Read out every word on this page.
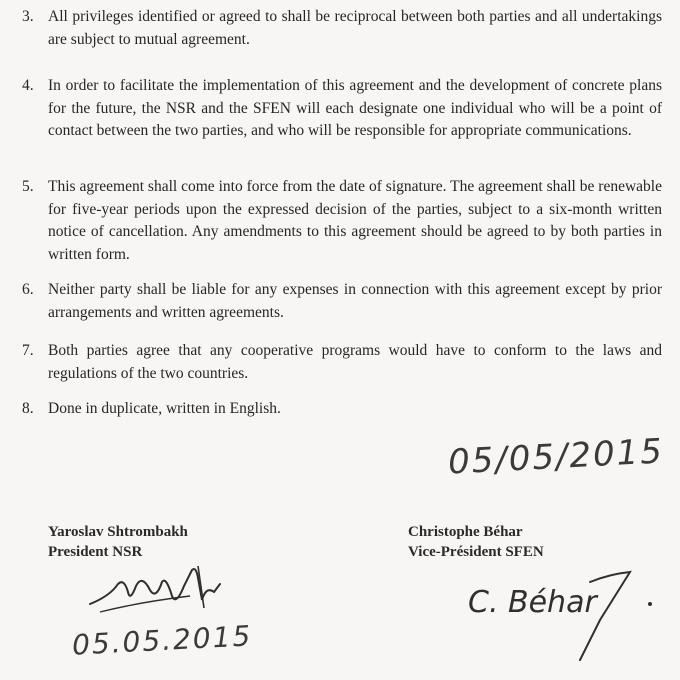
3. All privileges identified or agreed to shall be reciprocal between both parties and all undertakings are subject to mutual agreement.
4. In order to facilitate the implementation of this agreement and the development of concrete plans for the future, the NSR and the SFEN will each designate one individual who will be a point of contact between the two parties, and who will be responsible for appropriate communications.
5. This agreement shall come into force from the date of signature. The agreement shall be renewable for five-year periods upon the expressed decision of the parties, subject to a six-month written notice of cancellation. Any amendments to this agreement should be agreed to by both parties in written form.
6. Neither party shall be liable for any expenses in connection with this agreement except by prior arrangements and written agreements.
7. Both parties agree that any cooperative programs would have to conform to the laws and regulations of the two countries.
8. Done in duplicate, written in English.
05/05/2015
Yaroslav Shtrombakh
President NSR
Christophe Béhar
Vice-Président SFEN
05.05.2015
C. Béhar
